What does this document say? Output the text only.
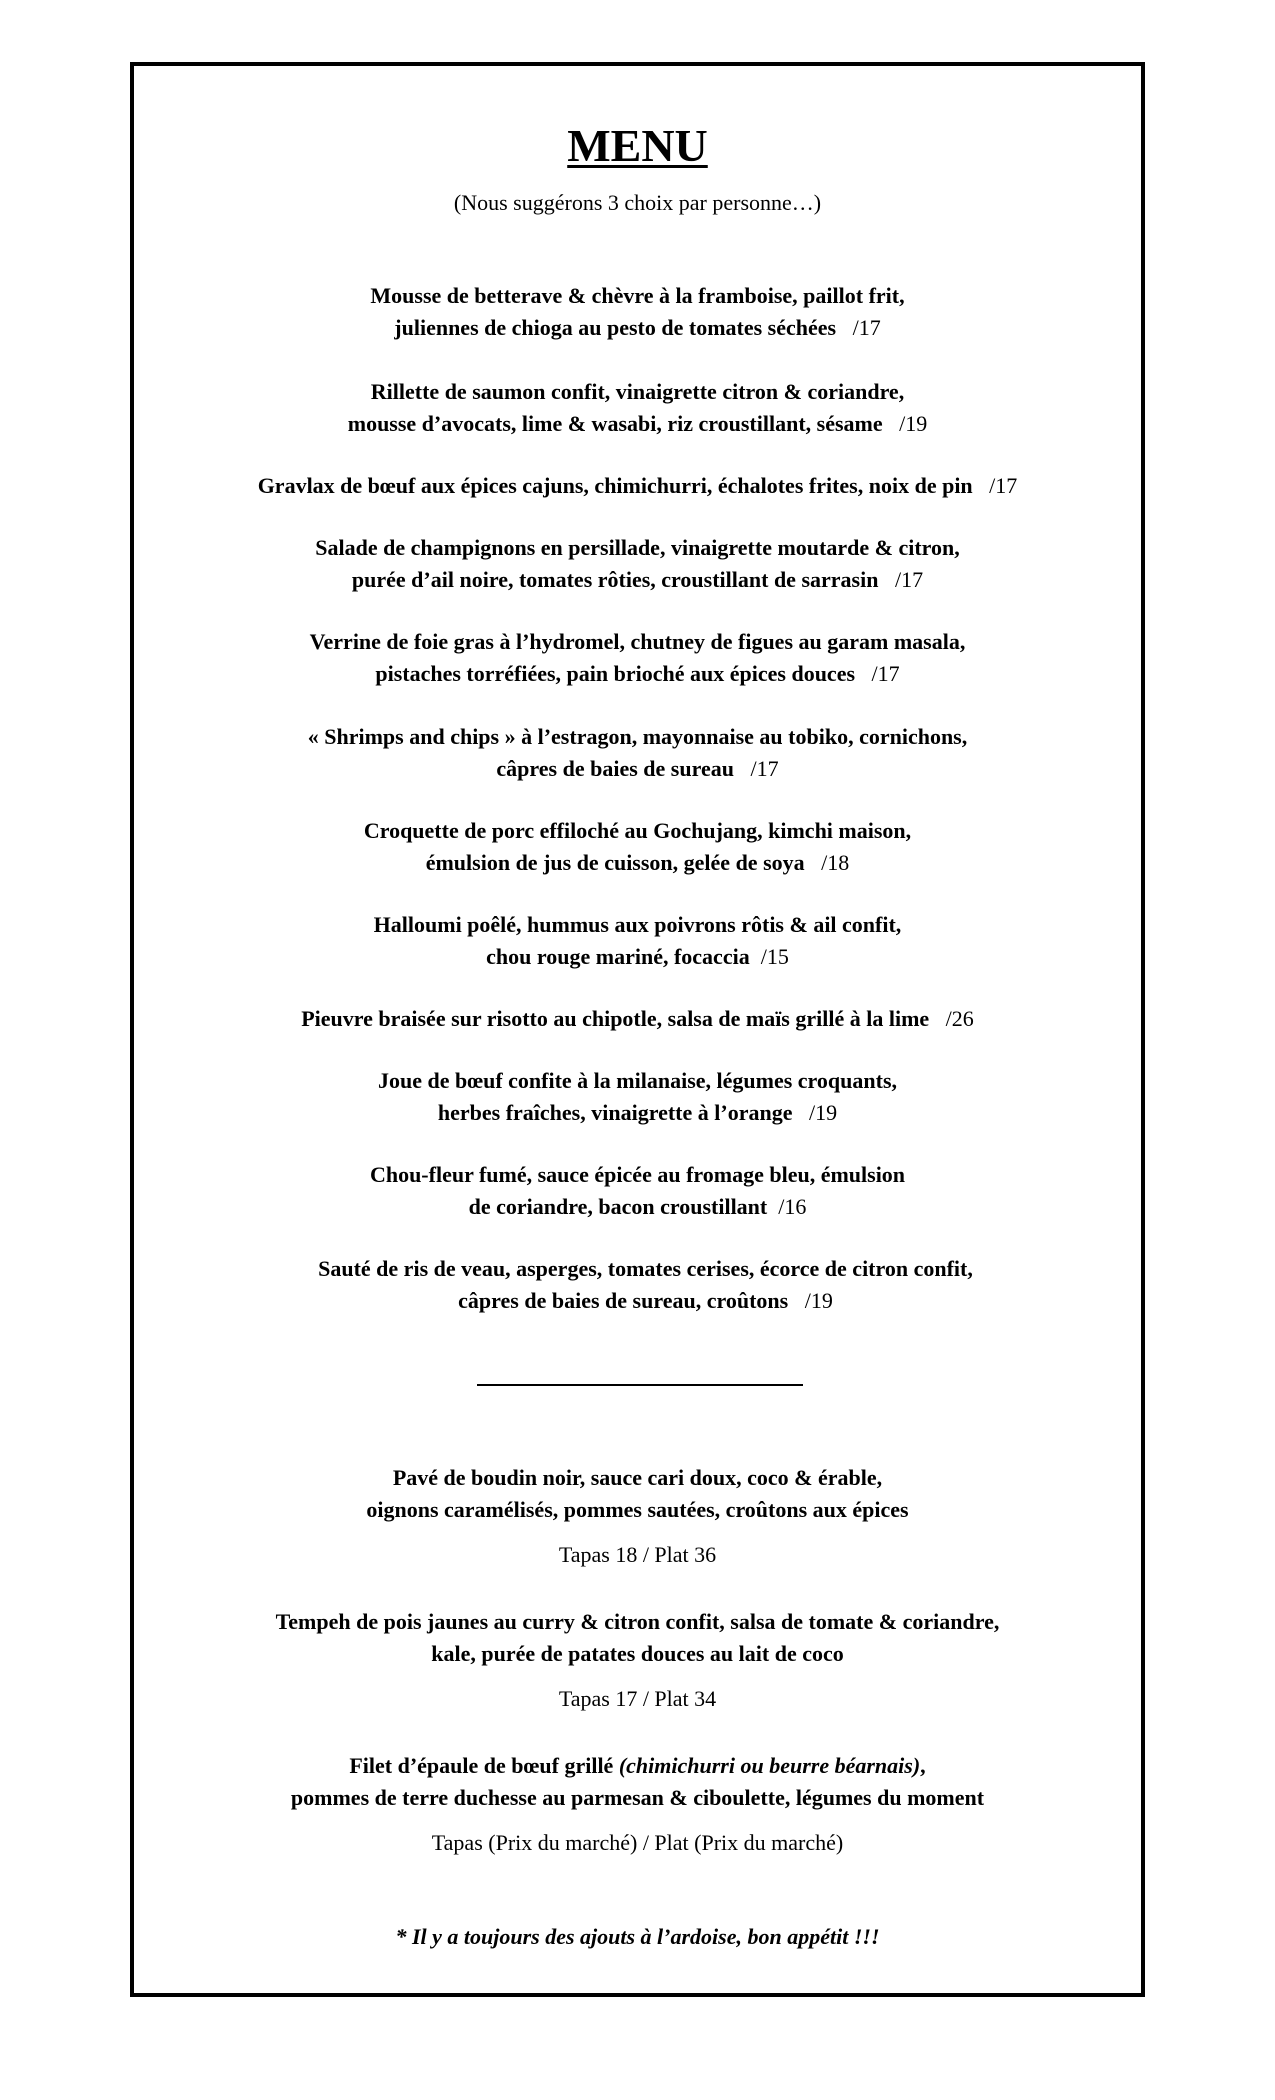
MENU
(Nous suggérons 3 choix par personne…)
Mousse de betterave & chèvre à la framboise, paillot frit,
juliennes de chioga au pesto de tomates séchées /17
Rillette de saumon confit, vinaigrette citron & coriandre,
mousse d’avocats, lime & wasabi, riz croustillant, sésame /19
Gravlax de bœuf aux épices cajuns, chimichurri, échalotes frites, noix de pin /17
Salade de champignons en persillade, vinaigrette moutarde & citron,
purée d’ail noire, tomates rôties, croustillant de sarrasin /17
Verrine de foie gras à l’hydromel, chutney de figues au garam masala,
pistaches torréfiées, pain brioché aux épices douces /17
« Shrimps and chips » à l’estragon, mayonnaise au tobiko, cornichons,
câpres de baies de sureau /17
Croquette de porc effiloché au Gochujang, kimchi maison,
émulsion de jus de cuisson, gelée de soya /18
Halloumi poêlé, hummus aux poivrons rôtis & ail confit,
chou rouge mariné, focaccia /15
Pieuvre braisée sur risotto au chipotle, salsa de maïs grillé à la lime /26
Joue de bœuf confite à la milanaise, légumes croquants,
herbes fraîches, vinaigrette à l’orange /19
Chou-fleur fumé, sauce épicée au fromage bleu, émulsion
de coriandre, bacon croustillant /16
Sauté de ris de veau, asperges, tomates cerises, écorce de citron confit,
câpres de baies de sureau, croûtons /19
Pavé de boudin noir, sauce cari doux, coco & érable,
oignons caramélisés, pommes sautées, croûtons aux épices
Tapas 18 / Plat 36
Tempeh de pois jaunes au curry & citron confit, salsa de tomate & coriandre,
kale, purée de patates douces au lait de coco
Tapas 17 / Plat 34
Filet d’épaule de bœuf grillé (chimichurri ou beurre béarnais),
pommes de terre duchesse au parmesan & ciboulette, légumes du moment
Tapas (Prix du marché) / Plat (Prix du marché)
* Il y a toujours des ajouts à l’ardoise, bon appétit !!!
